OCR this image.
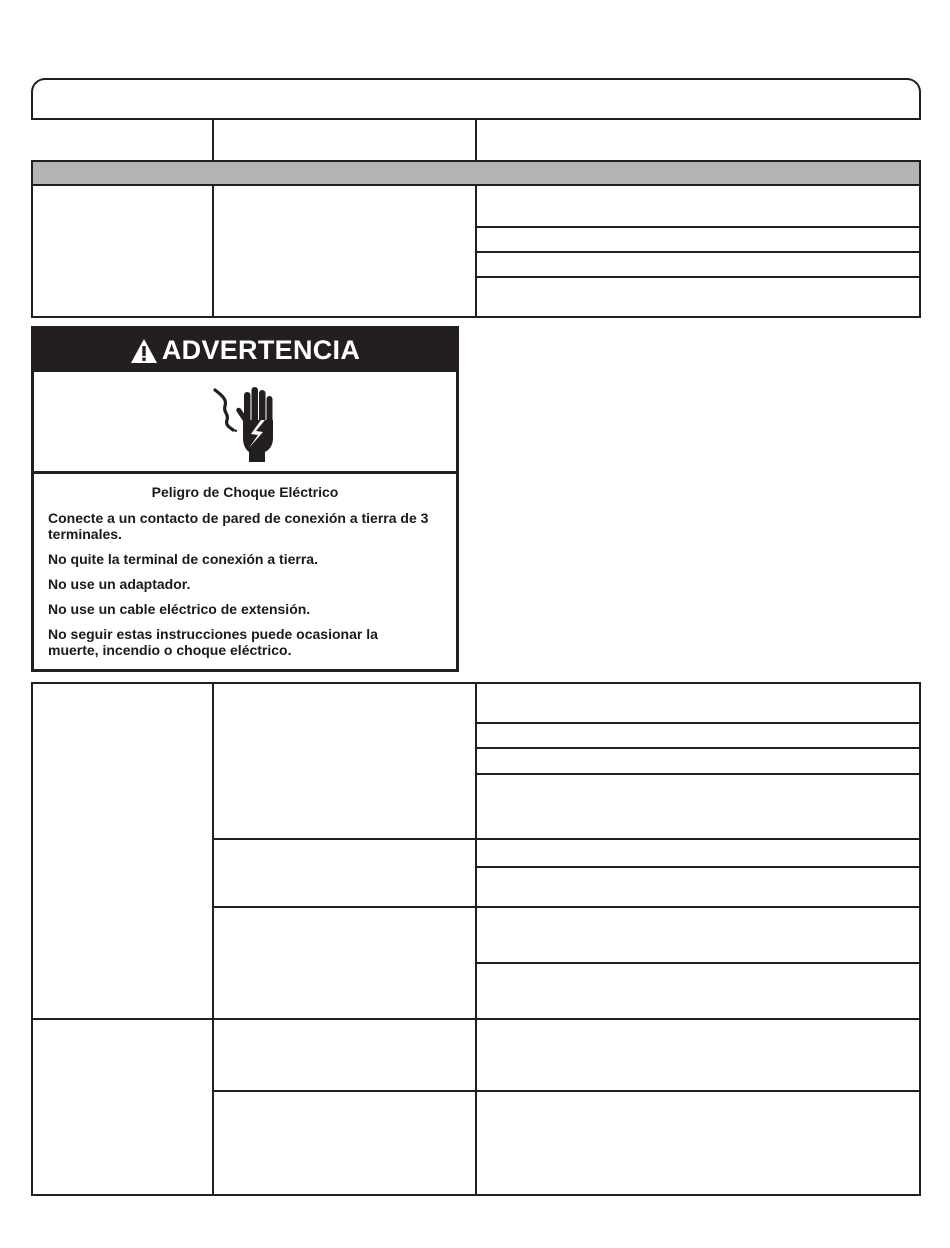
ADVERTENCIA
Peligro de Choque Eléctrico

Conecte a un contacto de pared de conexión a tierra de 3 terminales.

No quite la terminal de conexión a tierra.

No use un adaptador.

No use un cable eléctrico de extensión.

No seguir estas instrucciones puede ocasionar la muerte, incendio o choque eléctrico.
